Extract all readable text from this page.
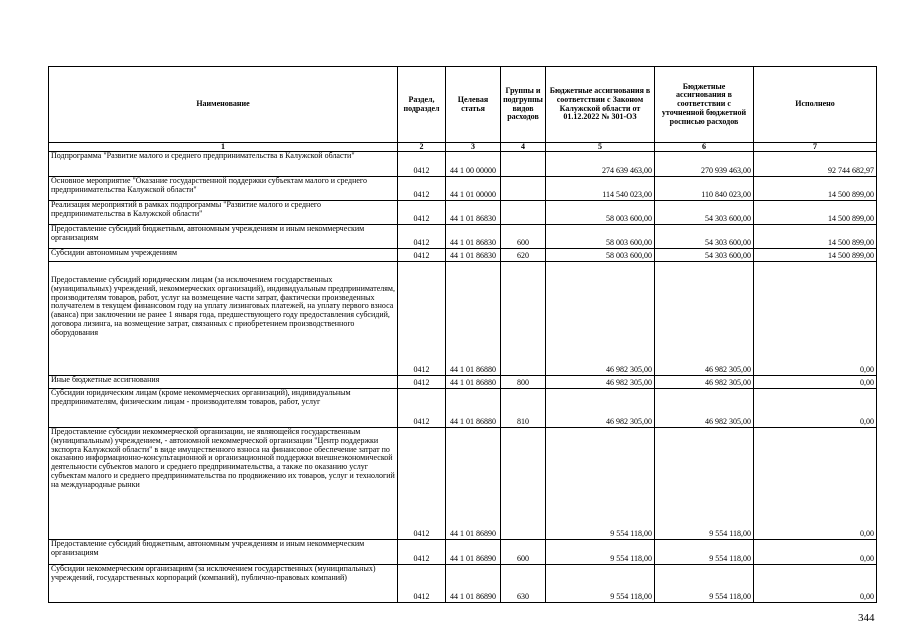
Наименование	Раздел, подраздел	Целевая статья	Группы и подгруппы видов расходов	Бюджетные ассигнования в соответствии с Законом Калужской области от 01.12.2022 № 301-ОЗ	Бюджетные ассигнования в соответствии с уточненной бюджетной росписью расходов	Исполнено
1	2	3	4	5	6	7
Подпрограмма "Развитие малого и среднего предпринимательства в Калужской области"	0412	44 1 00 00000		274 639 463,00	270 939 463,00	92 744 682,97
Основное мероприятие "Оказание государственной поддержки субъектам малого и среднего предпринимательства Калужской области"	0412	44 1 01 00000		114 540 023,00	110 840 023,00	14 500 899,00
Реализация мероприятий в рамках подпрограммы "Развитие малого и среднего предпринимательства в Калужской области"	0412	44 1 01 86830		58 003 600,00	54 303 600,00	14 500 899,00
Предоставление субсидий бюджетным, автономным учреждениям и иным некоммерческим организациям	0412	44 1 01 86830	600	58 003 600,00	54 303 600,00	14 500 899,00
Субсидии автономным учреждениям	0412	44 1 01 86830	620	58 003 600,00	54 303 600,00	14 500 899,00
Предоставление субсидий юридическим лицам (за исключением государственных (муниципальных) учреждений, некоммерческих организаций), индивидуальным предпринимателям, производителям товаров, работ, услуг на возмещение части затрат, фактически произведенных получателем в текущем финансовом году на уплату лизинговых платежей, на уплату первого взноса (аванса) при заключении не ранее 1 января года, предшествующего году предоставления субсидий, договора лизинга, на возмещение затрат, связанных с приобретением производственного оборудования	0412	44 1 01 86880		46 982 305,00	46 982 305,00	0,00
Иные бюджетные ассигнования	0412	44 1 01 86880	800	46 982 305,00	46 982 305,00	0,00
Субсидии юридическим лицам (кроме некоммерческих организаций), индивидуальным предпринимателям, физическим лицам - производителям товаров, работ, услуг	0412	44 1 01 86880	810	46 982 305,00	46 982 305,00	0,00
Предоставление субсидии некоммерческой организации, не являющейся государственным (муниципальным) учреждением, - автономной некоммерческой организации "Центр поддержки экспорта Калужской области" в виде имущественного взноса на финансовое обеспечение затрат по оказанию информационно-консультационной и организационной поддержки внешнеэкономической деятельности субъектов малого и среднего предпринимательства, а также по оказанию услуг субъектам малого и среднего предпринимательства по продвижению их товаров, услуг и технологий на международные рынки	0412	44 1 01 86890		9 554 118,00	9 554 118,00	0,00
Предоставление субсидий бюджетным, автономным учреждениям и иным некоммерческим организациям	0412	44 1 01 86890	600	9 554 118,00	9 554 118,00	0,00
Субсидии некоммерческим организациям (за исключением государственных (муниципальных) учреждений, государственных корпораций (компаний), публично-правовых компаний)	0412	44 1 01 86890	630	9 554 118,00	9 554 118,00	0,00
344
